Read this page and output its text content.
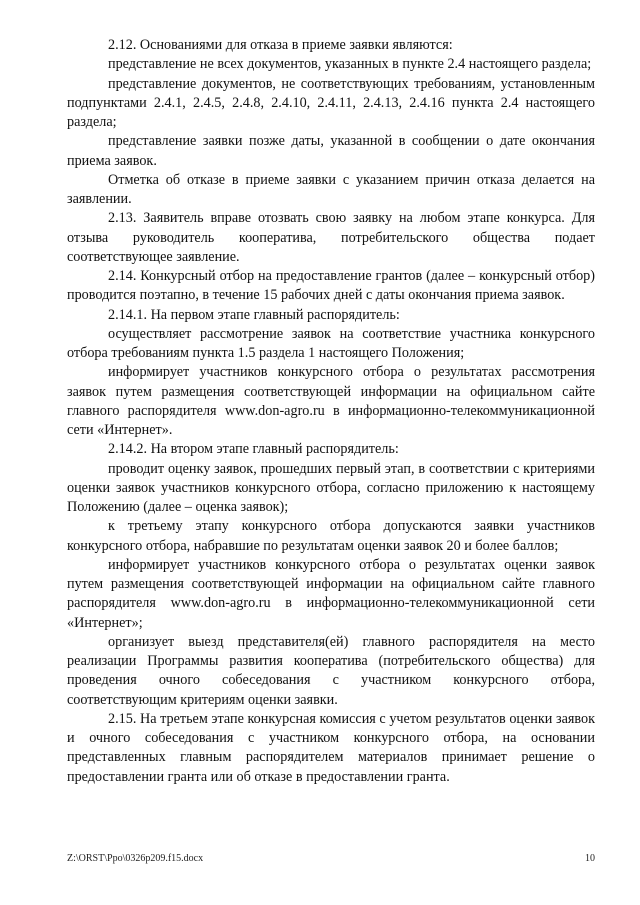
2.12. Основаниями для отказа в приеме заявки являются:

представление не всех документов, указанных в пункте 2.4 настоящего раздела;

представление документов, не соответствующих требованиям, установленным подпунктами 2.4.1, 2.4.5, 2.4.8, 2.4.10, 2.4.11, 2.4.13, 2.4.16 пункта 2.4 настоящего раздела;

представление заявки позже даты, указанной в сообщении о дате окончания приема заявок.

Отметка об отказе в приеме заявки с указанием причин отказа делается на заявлении.

2.13. Заявитель вправе отозвать свою заявку на любом этапе конкурса. Для отзыва руководитель кооператива, потребительского общества подает соответствующее заявление.

2.14. Конкурсный отбор на предоставление грантов (далее – конкурсный отбор) проводится поэтапно, в течение 15 рабочих дней с даты окончания приема заявок.

2.14.1. На первом этапе главный распорядитель:

осуществляет рассмотрение заявок на соответствие участника конкурсного отбора требованиям пункта 1.5 раздела 1 настоящего Положения;

информирует участников конкурсного отбора о результатах рассмотрения заявок путем размещения соответствующей информации на официальном сайте главного распорядителя www.don-agro.ru в информационно-телекоммуникационной сети «Интернет».

2.14.2. На втором этапе главный распорядитель:

проводит оценку заявок, прошедших первый этап, в соответствии с критериями оценки заявок участников конкурсного отбора, согласно приложению к настоящему Положению (далее – оценка заявок);

к третьему этапу конкурсного отбора допускаются заявки участников конкурсного отбора, набравшие по результатам оценки заявок 20 и более баллов;

информирует участников конкурсного отбора о результатах оценки заявок путем размещения соответствующей информации на официальном сайте главного распорядителя www.don-agro.ru в информационно-телекоммуникационной сети «Интернет»;

организует выезд представителя(ей) главного распорядителя на место реализации Программы развития кооператива (потребительского общества) для проведения очного собеседования с участником конкурсного отбора, соответствующим критериям оценки заявки.

2.15. На третьем этапе конкурсная комиссия с учетом результатов оценки заявок и очного собеседования с участником конкурсного отбора, на основании представленных главным распорядителем материалов принимает решение о предоставлении гранта или об отказе в предоставлении гранта.

Z:\ORST\Ppo\0326p209.f15.docx	10
